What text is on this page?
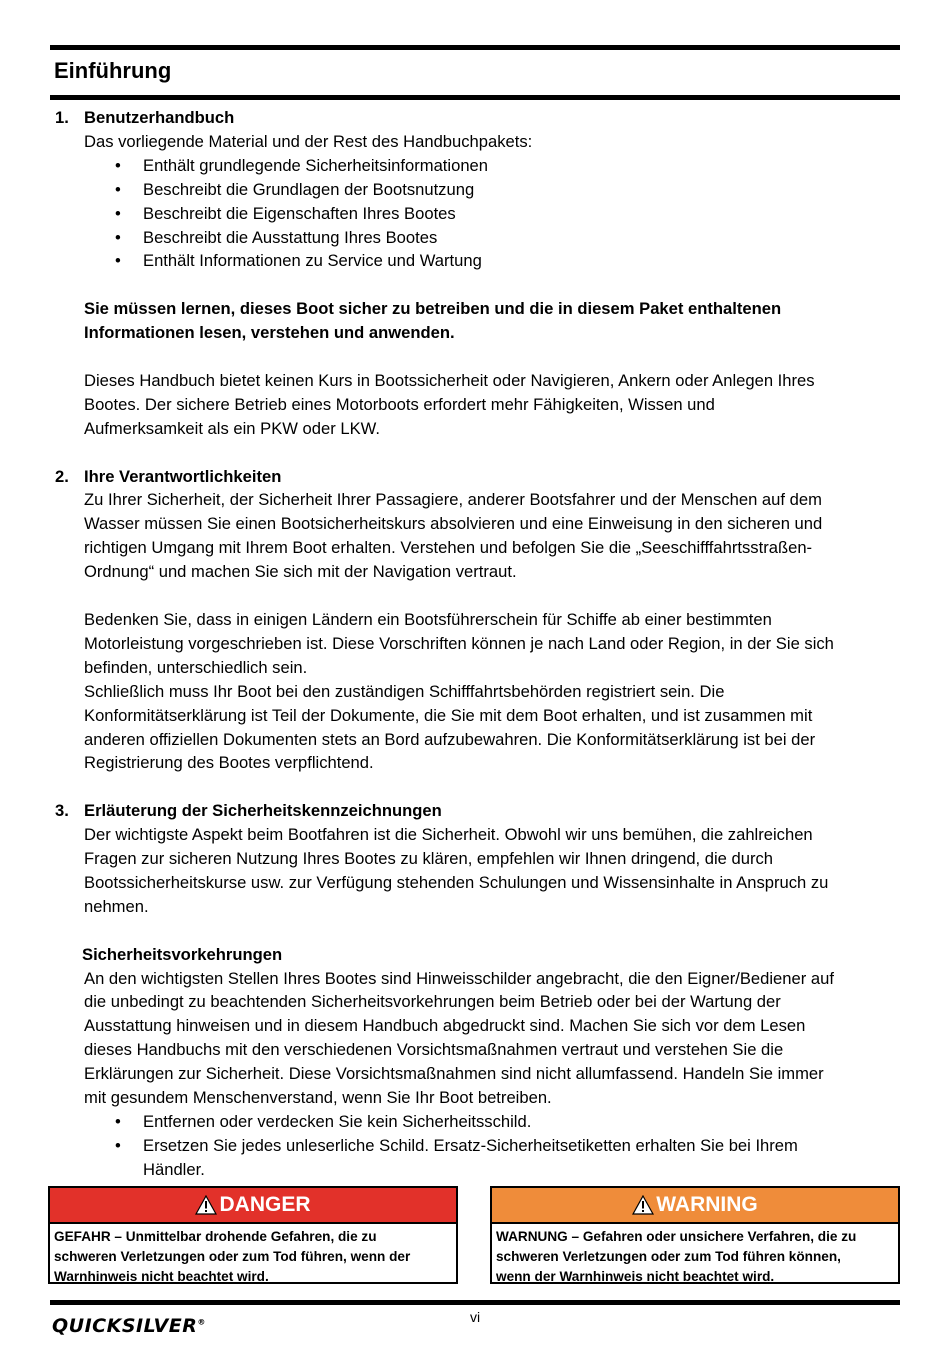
Einführung
1. Benutzerhandbuch
Das vorliegende Material und der Rest des Handbuchpakets:
• Enthält grundlegende Sicherheitsinformationen
• Beschreibt die Grundlagen der Bootsnutzung
• Beschreibt die Eigenschaften Ihres Bootes
• Beschreibt die Ausstattung Ihres Bootes
• Enthält Informationen zu Service und Wartung
Sie müssen lernen, dieses Boot sicher zu betreiben und die in diesem Paket enthaltenen
Informationen lesen, verstehen und anwenden.
Dieses Handbuch bietet keinen Kurs in Bootssicherheit oder Navigieren, Ankern oder Anlegen Ihres
Bootes. Der sichere Betrieb eines Motorboots erfordert mehr Fähigkeiten, Wissen und
Aufmerksamkeit als ein PKW oder LKW.
2. Ihre Verantwortlichkeiten
Zu Ihrer Sicherheit, der Sicherheit Ihrer Passagiere, anderer Bootsfahrer und der Menschen auf dem
Wasser müssen Sie einen Bootsicherheitskurs absolvieren und eine Einweisung in den sicheren und
richtigen Umgang mit Ihrem Boot erhalten. Verstehen und befolgen Sie die „Seeschifffahrtsstraßen-
Ordnung“ und machen Sie sich mit der Navigation vertraut.
Bedenken Sie, dass in einigen Ländern ein Bootsführerschein für Schiffe ab einer bestimmten
Motorleistung vorgeschrieben ist. Diese Vorschriften können je nach Land oder Region, in der Sie sich
befinden, unterschiedlich sein.
Schließlich muss Ihr Boot bei den zuständigen Schifffahrtsbehörden registriert sein. Die
Konformitätserklärung ist Teil der Dokumente, die Sie mit dem Boot erhalten, und ist zusammen mit
anderen offiziellen Dokumenten stets an Bord aufzubewahren. Die Konformitätserklärung ist bei der
Registrierung des Bootes verpflichtend.
3. Erläuterung der Sicherheitskennzeichnungen
Der wichtigste Aspekt beim Bootfahren ist die Sicherheit. Obwohl wir uns bemühen, die zahlreichen
Fragen zur sicheren Nutzung Ihres Bootes zu klären, empfehlen wir Ihnen dringend, die durch
Bootssicherheitskurse usw. zur Verfügung stehenden Schulungen und Wissensinhalte in Anspruch zu
nehmen.
Sicherheitsvorkehrungen
An den wichtigsten Stellen Ihres Bootes sind Hinweisschilder angebracht, die den Eigner/Bediener auf
die unbedingt zu beachtenden Sicherheitsvorkehrungen beim Betrieb oder bei der Wartung der
Ausstattung hinweisen und in diesem Handbuch abgedruckt sind. Machen Sie sich vor dem Lesen
dieses Handbuchs mit den verschiedenen Vorsichtsmaßnahmen vertraut und verstehen Sie die
Erklärungen zur Sicherheit. Diese Vorsichtsmaßnahmen sind nicht allumfassend. Handeln Sie immer
mit gesundem Menschenverstand, wenn Sie Ihr Boot betreiben.
• Entfernen oder verdecken Sie kein Sicherheitsschild.
• Ersetzen Sie jedes unleserliche Schild. Ersatz-Sicherheitsetiketten erhalten Sie bei Ihrem
Händler.
DANGER
GEFAHR – Unmittelbar drohende Gefahren, die zu
schweren Verletzungen oder zum Tod führen, wenn der
Warnhinweis nicht beachtet wird.
WARNING
WARNUNG – Gefahren oder unsichere Verfahren, die zu
schweren Verletzungen oder zum Tod führen können,
wenn der Warnhinweis nicht beachtet wird.
QUICKSILVER®	vi
